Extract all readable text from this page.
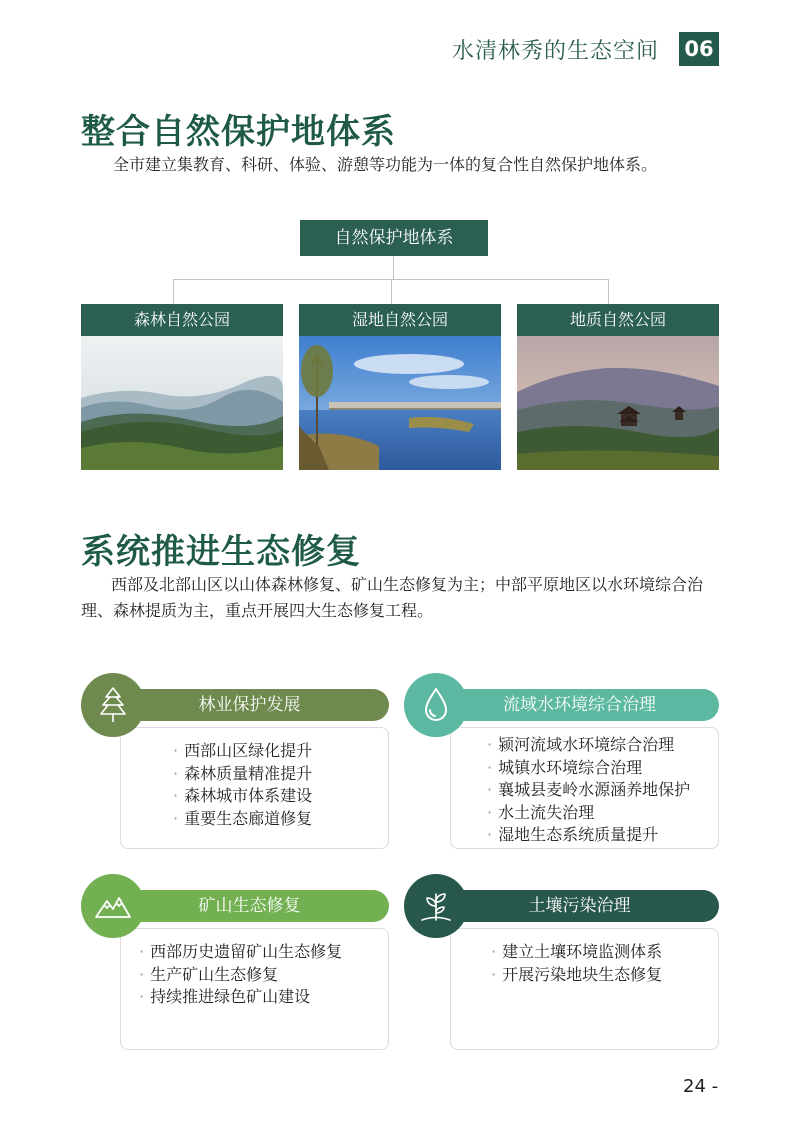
水清林秀的生态空间 06
整合自然保护地体系
全市建立集教育、科研、体验、游憩等功能为一体的复合性自然保护地体系。
自然保护地体系
森林自然公园	湿地自然公园	地质自然公园
系统推进生态修复
西部及北部山区以山体森林修复、矿山生态修复为主；中部平原地区以水环境综合治理、森林提质为主，重点开展四大生态修复工程。
· 西部山区绿化提升
· 森林质量精准提升
· 森林城市体系建设
· 重要生态廊道修复
林业保护发展
· 颍河流域水环境综合治理
· 城镇水环境综合治理
· 襄城县麦岭水源涵养地保护
· 水土流失治理
· 湿地生态系统质量提升
流域水环境综合治理
· 西部历史遗留矿山生态修复
· 生产矿山生态修复
· 持续推进绿色矿山建设
矿山生态修复
· 建立土壤环境监测体系
· 开展污染地块生态修复
土壤污染治理
24 -
